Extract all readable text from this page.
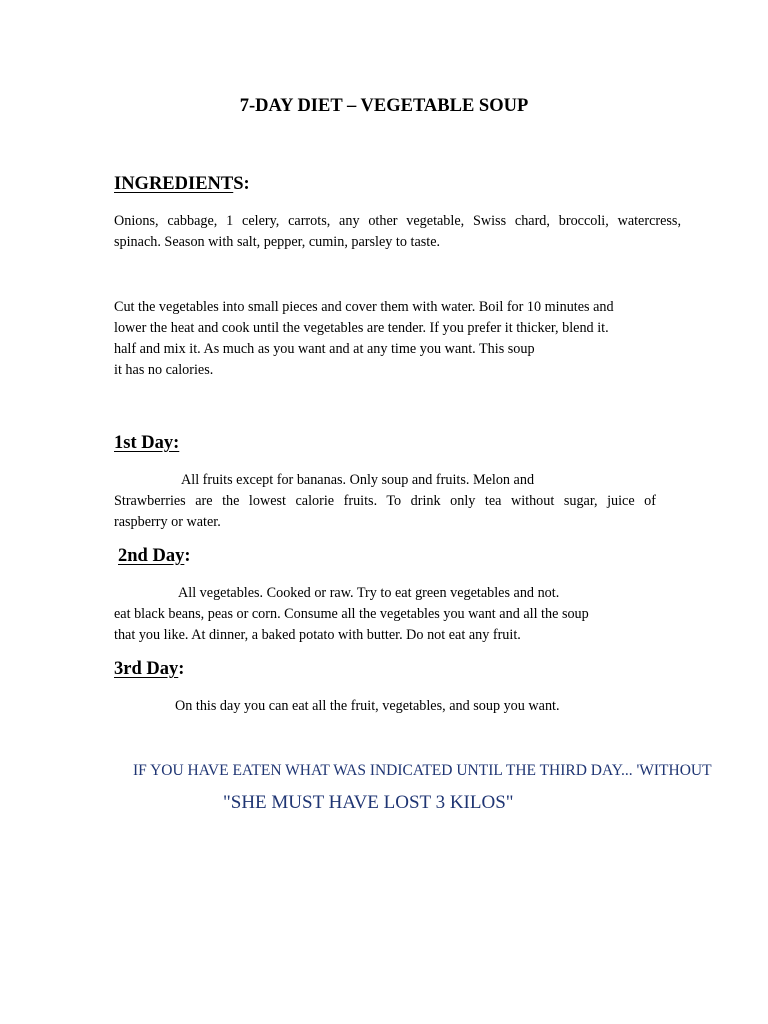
7-DAY DIET – VEGETABLE SOUP
INGREDIENTS:
Onions, cabbage, 1 celery, carrots, any other vegetable, Swiss chard, broccoli, watercress,
spinach. Season with salt, pepper, cumin, parsley to taste.
Cut the vegetables into small pieces and cover them with water. Boil for 10 minutes and
lower the heat and cook until the vegetables are tender. If you prefer it thicker, blend it.
half and mix it. As much as you want and at any time you want. This soup
it has no calories.
1st Day:
All fruits except for bananas. Only soup and fruits. Melon and
Strawberries are the lowest calorie fruits. To drink only tea without sugar, juice of
raspberry or water.
2nd Day:
All vegetables. Cooked or raw. Try to eat green vegetables and not.
eat black beans, peas or corn. Consume all the vegetables you want and all the soup
that you like. At dinner, a baked potato with butter. Do not eat any fruit.
3rd Day:
On this day you can eat all the fruit, vegetables, and soup you want.
IF YOU HAVE EATEN WHAT WAS INDICATED UNTIL THE THIRD DAY... 'WITHOUT
"SHE MUST HAVE LOST 3 KILOS"
